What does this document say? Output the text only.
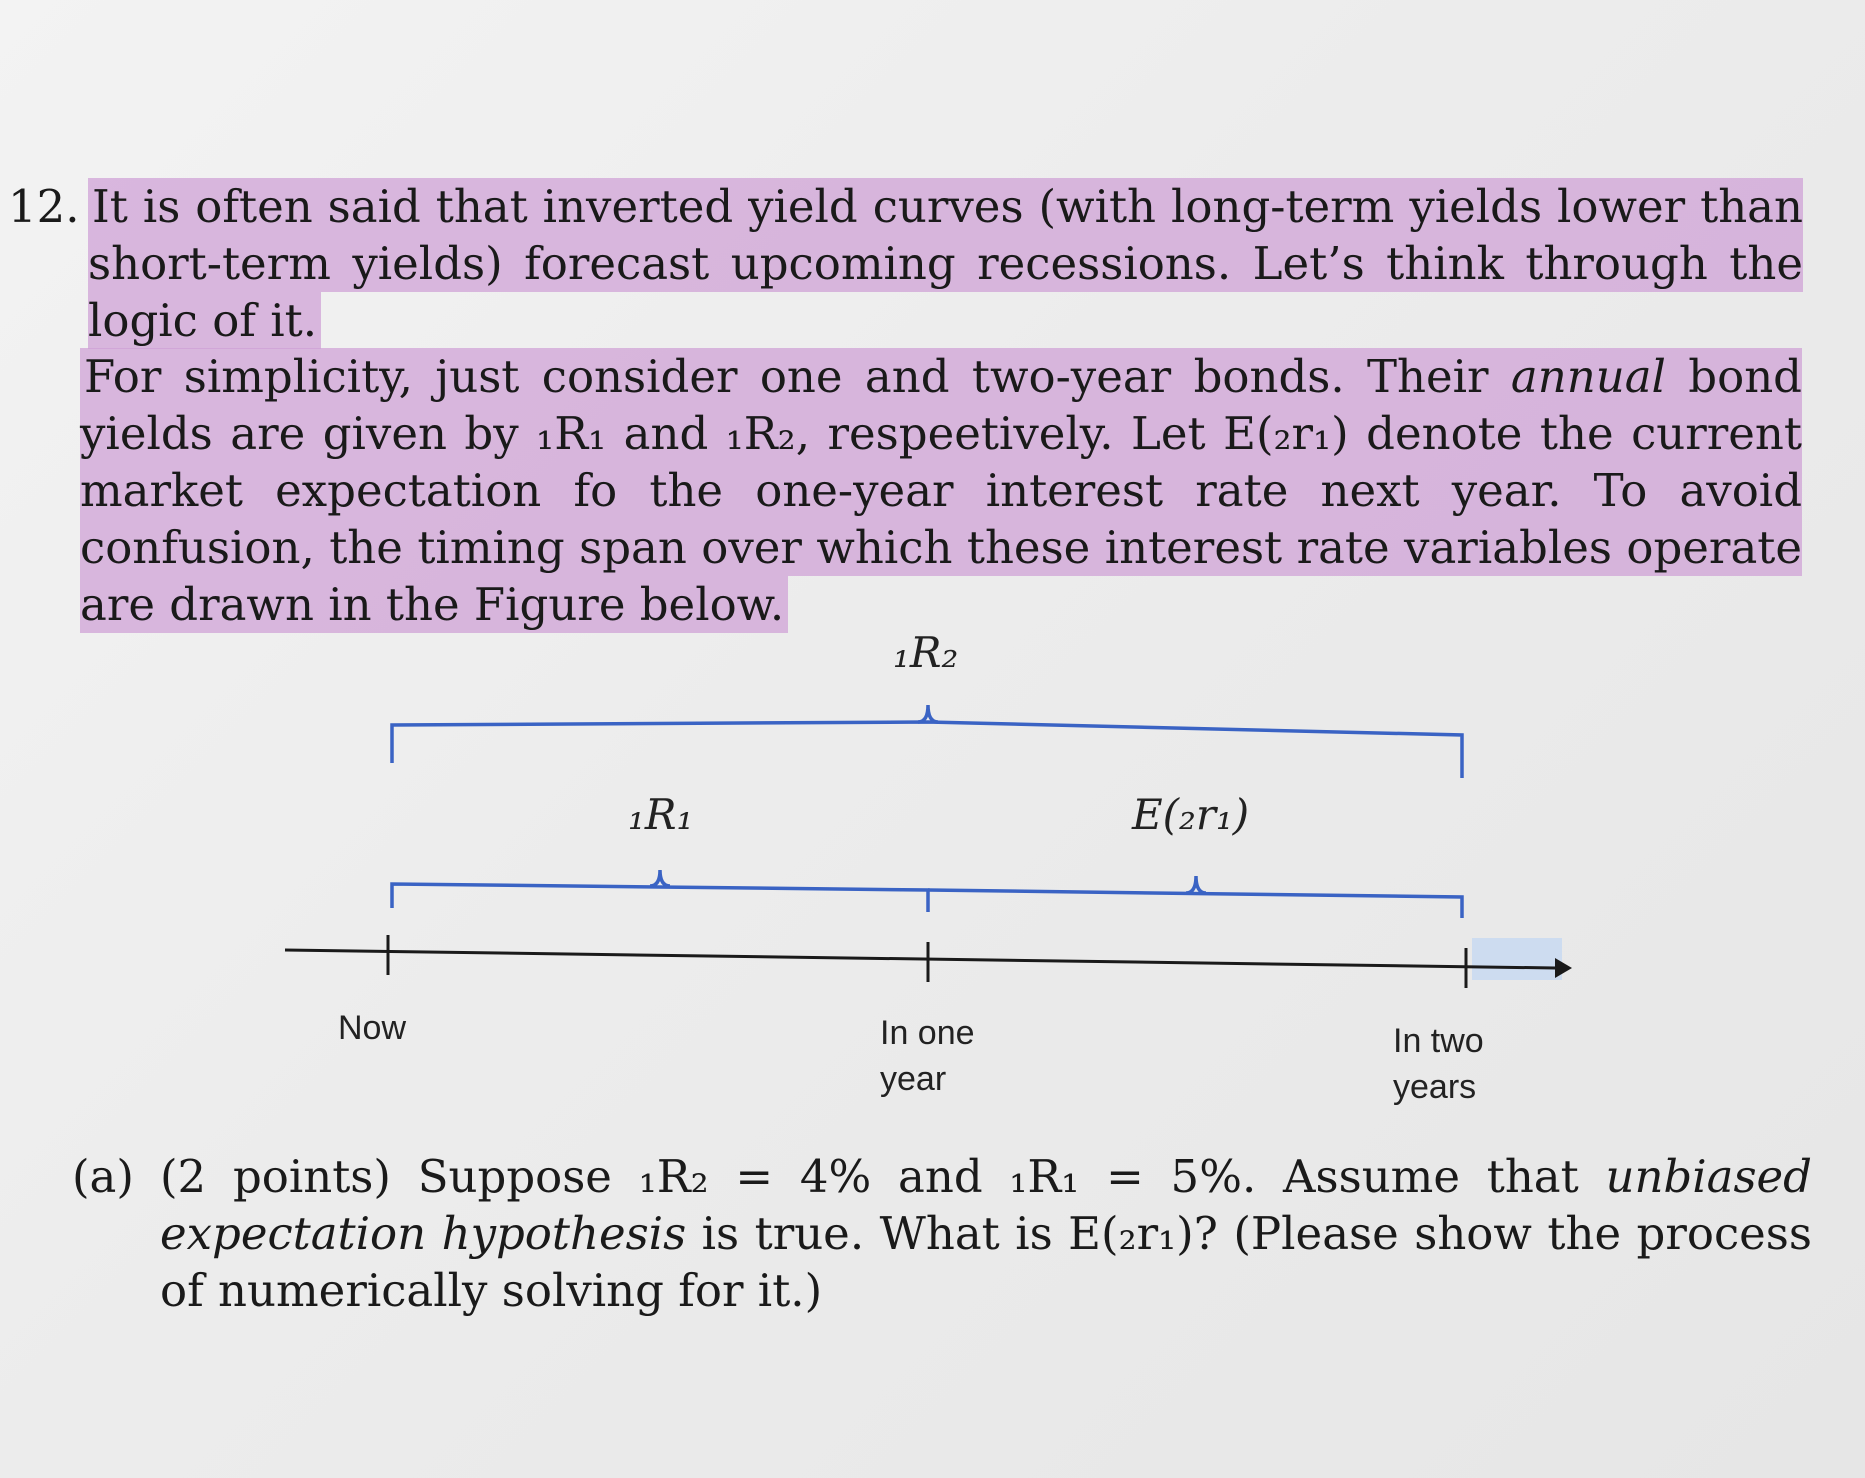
12. It is often said that inverted yield curves (with long-term yields lower than short-term yields) forecast upcoming recessions. Let’s think through the logic of it.
For simplicity, just consider one and two-year bonds. Their annual bond yields are given by ₁R₁ and ₁R₂, respeetively. Let E(₂r₁) denote the current market expectation fo the one-year interest rate next year. To avoid confusion, the timing span over which these interest rate variables operate are drawn in the Figure below.
₁R₂
₁R₁	E(₂r₁)
Now	In one
year
In two
years
(a) (2 points) Suppose ₁R₂ = 4% and ₁R₁ = 5%. Assume that unbiased expectation hypothesis is true. What is E(₂r₁)? (Please show the process of numerically solving for it.)
